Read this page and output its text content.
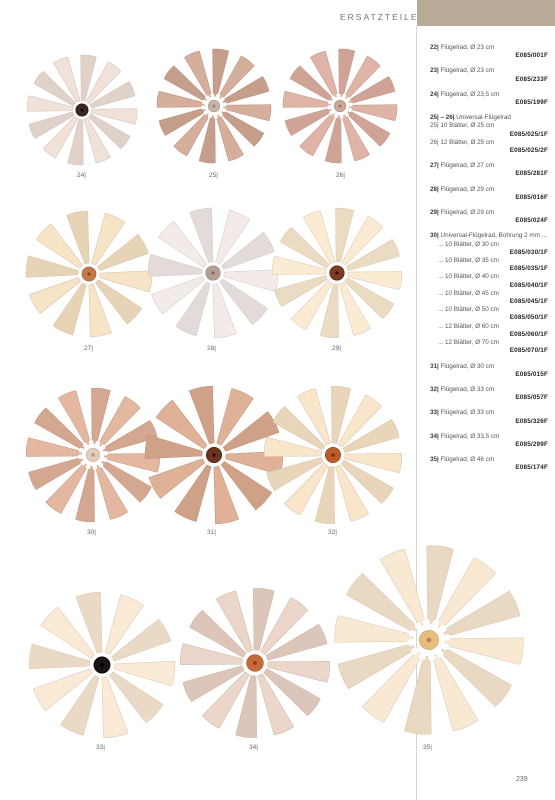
ERSATZTEILE
24|	25|	26|
27|	28|	29|
30|	31|	32|
33|	34|	35|
22| Flügelrad, Ø 23 cm
E085/001F
23| Flügelrad, Ø 23 cm
E085/233F
24| Flügelrad, Ø 23,5 cm
E085/199F
25| – 26| Universal-Flügelrad
25| 10 Blätter, Ø 25 cm
E085/025/1F
26| 12 Blätter, Ø 25 cm
E085/025/2F
27| Flügelrad, Ø 27 cm
E085/281F
28| Flügelrad, Ø 29 cm
E085/016F
29| Flügelrad, Ø 29 cm
E085/024F
30| Universal-Flügelrad, Bohrung 2 mm ...
... 10 Blätter, Ø 30 cm
E085/030/1F
... 10 Blätter, Ø 35 cm
E085/035/1F
... 10 Blätter, Ø 40 cm
E085/040/1F
... 10 Blätter, Ø 45 cm
E085/045/1F
... 10 Blätter, Ø 50 cm
E085/050/1F
... 12 Blätter, Ø 60 cm
E085/060/1F
... 12 Blätter, Ø 70 cm
E085/070/1F
31| Flügelrad, Ø 30 cm
E085/015F
32| Flügelrad, Ø 33 cm
E085/057F
33| Flügelrad, Ø 33 cm
E085/326F
34| Flügelrad, Ø 33,5 cm
E085/299F
35| Flügelrad, Ø 46 cm
E085/174F
239
